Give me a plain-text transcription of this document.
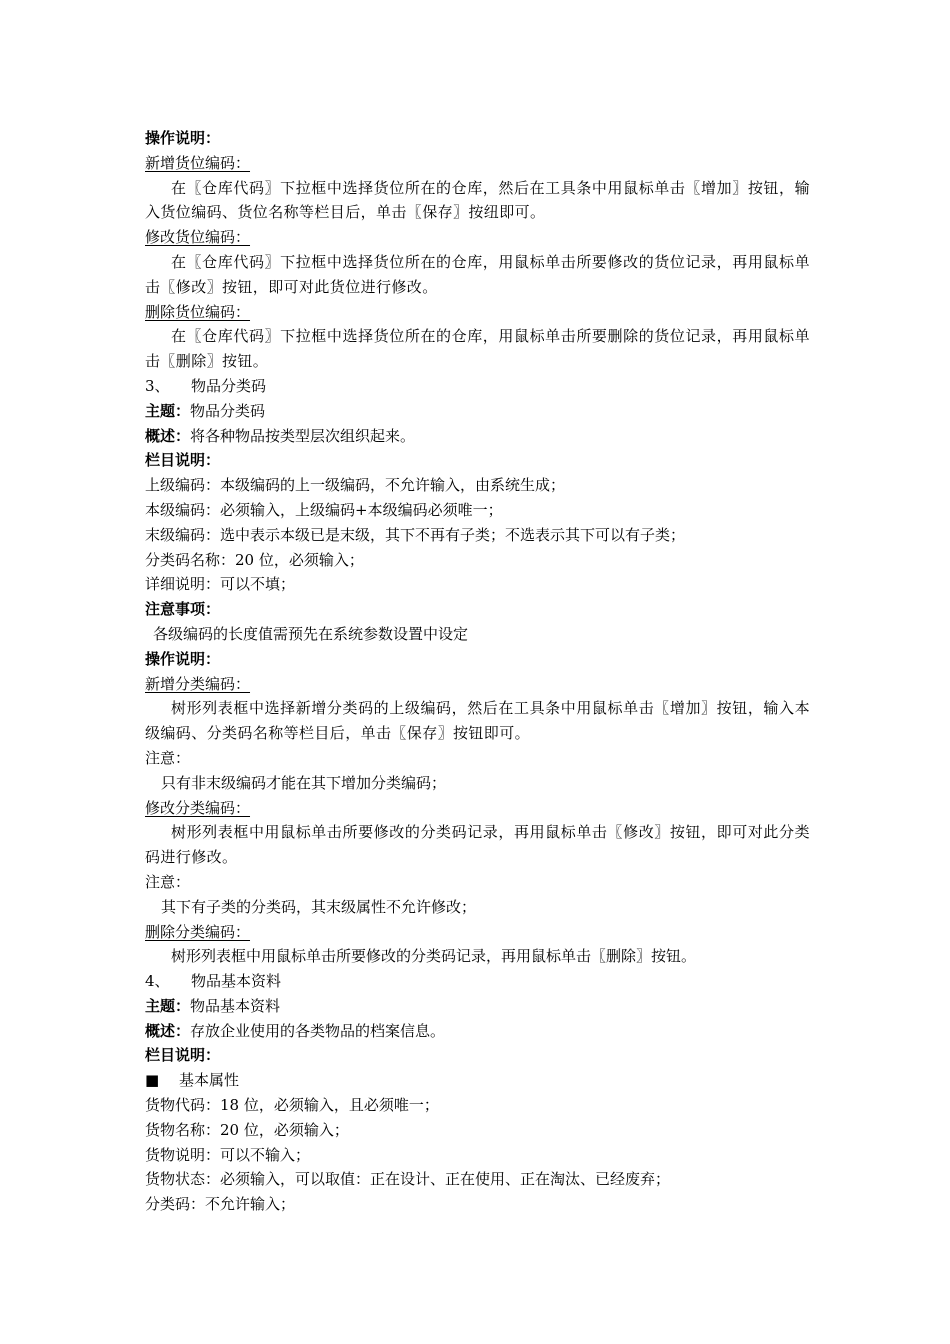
操作说明：
新增货位编码：
在〖仓库代码〗下拉框中选择货位所在的仓库，然后在工具条中用鼠标单击〖增加〗按钮，输入货位编码、货位名称等栏目后，单击〖保存〗按纽即可。
修改货位编码：
在〖仓库代码〗下拉框中选择货位所在的仓库，用鼠标单击所要修改的货位记录，再用鼠标单击〖修改〗按钮，即可对此货位进行修改。
删除货位编码：
在〖仓库代码〗下拉框中选择货位所在的仓库，用鼠标单击所要删除的货位记录，再用鼠标单击〖删除〗按钮。
3、 物品分类码
主题：物品分类码
概述：将各种物品按类型层次组织起来。
栏目说明：
上级编码：本级编码的上一级编码，不允许输入，由系统生成；
本级编码：必须输入，上级编码+本级编码必须唯一；
末级编码：选中表示本级已是末级，其下不再有子类；不选表示其下可以有子类；
分类码名称：20 位，必须输入；
详细说明：可以不填；
注意事项：
各级编码的长度值需预先在系统参数设置中设定
操作说明：
新增分类编码：
树形列表框中选择新增分类码的上级编码，然后在工具条中用鼠标单击〖增加〗按钮，输入本级编码、分类码名称等栏目后，单击〖保存〗按钮即可。
注意：
只有非末级编码才能在其下增加分类编码；
修改分类编码：
树形列表框中用鼠标单击所要修改的分类码记录，再用鼠标单击〖修改〗按钮，即可对此分类码进行修改。
注意：
其下有子类的分类码，其末级属性不允许修改；
删除分类编码：
树形列表框中用鼠标单击所要修改的分类码记录，再用鼠标单击〖删除〗按钮。
4、 物品基本资料
主题：物品基本资料
概述：存放企业使用的各类物品的档案信息。
栏目说明：
■ 基本属性
货物代码：18 位，必须输入，且必须唯一；
货物名称：20 位，必须输入；
货物说明：可以不输入；
货物状态：必须输入，可以取值：正在设计、正在使用、正在淘汰、已经废弃；
分类码：不允许输入；
